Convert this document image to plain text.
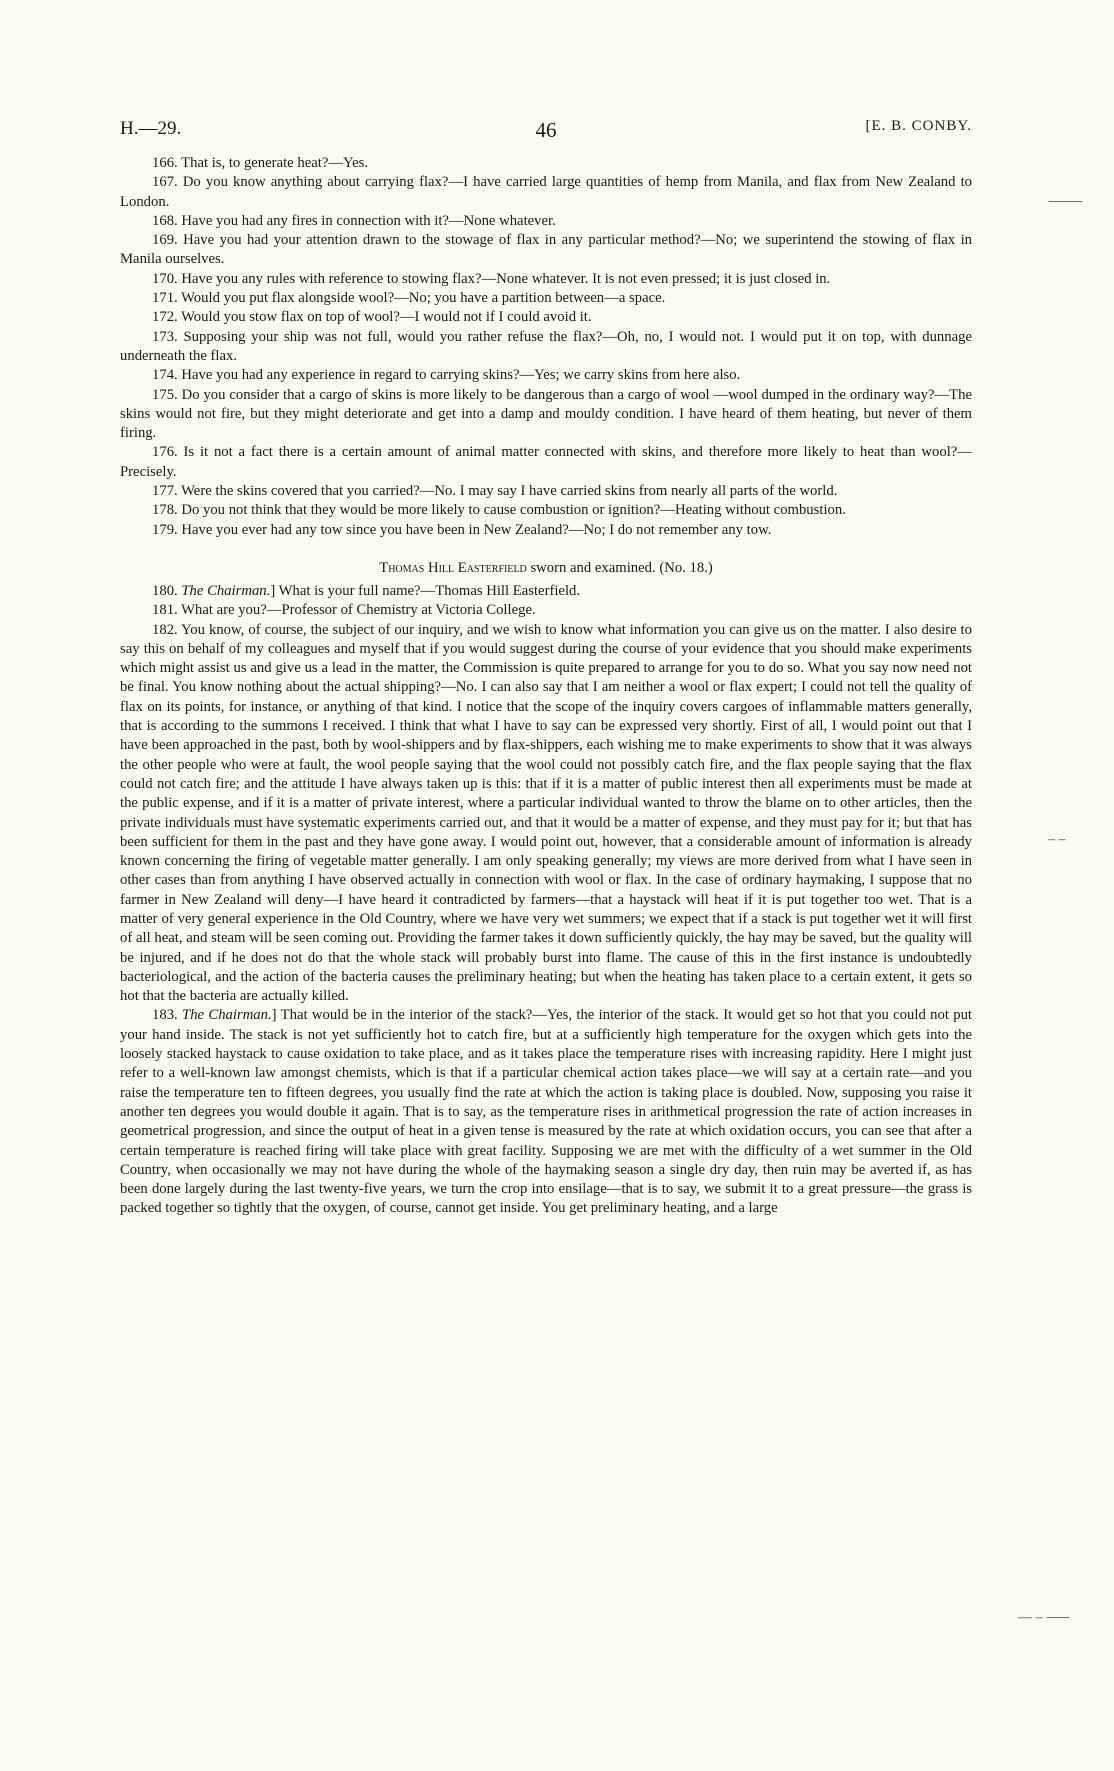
H.—29.	46	[E. B. CONBY.

166. That is, to generate heat?—Yes.

167. Do you know anything about carrying flax?—I have carried large quantities of hemp from Manila, and flax from New Zealand to London.

168. Have you had any fires in connection with it?—None whatever.

169. Have you had your attention drawn to the stowage of flax in any particular method?—No; we superintend the stowing of flax in Manila ourselves.

170. Have you any rules with reference to stowing flax?—None whatever. It is not even pressed; it is just closed in.

171. Would you put flax alongside wool?—No; you have a partition between—a space.

172. Would you stow flax on top of wool?—I would not if I could avoid it.

173. Supposing your ship was not full, would you rather refuse the flax?—Oh, no, I would not. I would put it on top, with dunnage underneath the flax.

174. Have you had any experience in regard to carrying skins?—Yes; we carry skins from here also.

175. Do you consider that a cargo of skins is more likely to be dangerous than a cargo of wool —wool dumped in the ordinary way?—The skins would not fire, but they might deteriorate and get into a damp and mouldy condition. I have heard of them heating, but never of them firing.

176. Is it not a fact there is a certain amount of animal matter connected with skins, and therefore more likely to heat than wool?—Precisely.

177. Were the skins covered that you carried?—No. I may say I have carried skins from nearly all parts of the world.

178. Do you not think that they would be more likely to cause combustion or ignition?—Heating without combustion.

179. Have you ever had any tow since you have been in New Zealand?—No; I do not remember any tow.

Thomas Hill Easterfield sworn and examined. (No. 18.)

180. The Chairman.] What is your full name?—Thomas Hill Easterfield.

181. What are you?—Professor of Chemistry at Victoria College.

182. You know, of course, the subject of our inquiry, and we wish to know what information you can give us on the matter. I also desire to say this on behalf of my colleagues and myself that if you would suggest during the course of your evidence that you should make experiments which might assist us and give us a lead in the matter, the Commission is quite prepared to arrange for you to do so. What you say now need not be final. You know nothing about the actual shipping?—No. I can also say that I am neither a wool or flax expert; I could not tell the quality of flax on its points, for instance, or anything of that kind. I notice that the scope of the inquiry covers cargoes of inflammable matters generally, that is according to the summons I received. I think that what I have to say can be expressed very shortly. First of all, I would point out that I have been approached in the past, both by wool-shippers and by flax-shippers, each wishing me to make experiments to show that it was always the other people who were at fault, the wool people saying that the wool could not possibly catch fire, and the flax people saying that the flax could not catch fire; and the attitude I have always taken up is this: that if it is a matter of public interest then all experiments must be made at the public expense, and if it is a matter of private interest, where a particular individual wanted to throw the blame on to other articles, then the private individuals must have systematic experiments carried out, and that it would be a matter of expense, and they must pay for it; but that has been sufficient for them in the past and they have gone away. I would point out, however, that a considerable amount of information is already known concerning the firing of vegetable matter generally. I am only speaking generally; my views are more derived from what I have seen in other cases than from anything I have observed actually in connection with wool or flax. In the case of ordinary haymaking, I suppose that no farmer in New Zealand will deny—I have heard it contradicted by farmers—that a haystack will heat if it is put together too wet. That is a matter of very general experience in the Old Country, where we have very wet summers; we expect that if a stack is put together wet it will first of all heat, and steam will be seen coming out. Providing the farmer takes it down sufficiently quickly, the hay may be saved, but the quality will be injured, and if he does not do that the whole stack will probably burst into flame. The cause of this in the first instance is undoubtedly bacteriological, and the action of the bacteria causes the preliminary heating; but when the heating has taken place to a certain extent, it gets so hot that the bacteria are actually killed.

183. The Chairman.] That would be in the interior of the stack?—Yes, the interior of the stack. It would get so hot that you could not put your hand inside. The stack is not yet sufficiently hot to catch fire, but at a sufficiently high temperature for the oxygen which gets into the loosely stacked haystack to cause oxidation to take place, and as it takes place the temperature rises with increasing rapidity. Here I might just refer to a well-known law amongst chemists, which is that if a particular chemical action takes place—we will say at a certain rate—and you raise the temperature ten to fifteen degrees, you usually find the rate at which the action is taking place is doubled. Now, supposing you raise it another ten degrees you would double it again. That is to say, as the temperature rises in arithmetical progression the rate of action increases in geometrical progression, and since the output of heat in a given tense is measured by the rate at which oxidation occurs, you can see that after a certain temperature is reached firing will take place with great facility. Supposing we are met with the difficulty of a wet summer in the Old Country, when occasionally we may not have during the whole of the haymaking season a single dry day, then ruin may be averted if, as has been done largely during the last twenty-five years, we turn the crop into ensilage—that is to say, we submit it to a great pressure—the grass is packed together so tightly that the oxygen, of course, cannot get inside. You get preliminary heating, and a large

⸻
– –
— – ⸺
